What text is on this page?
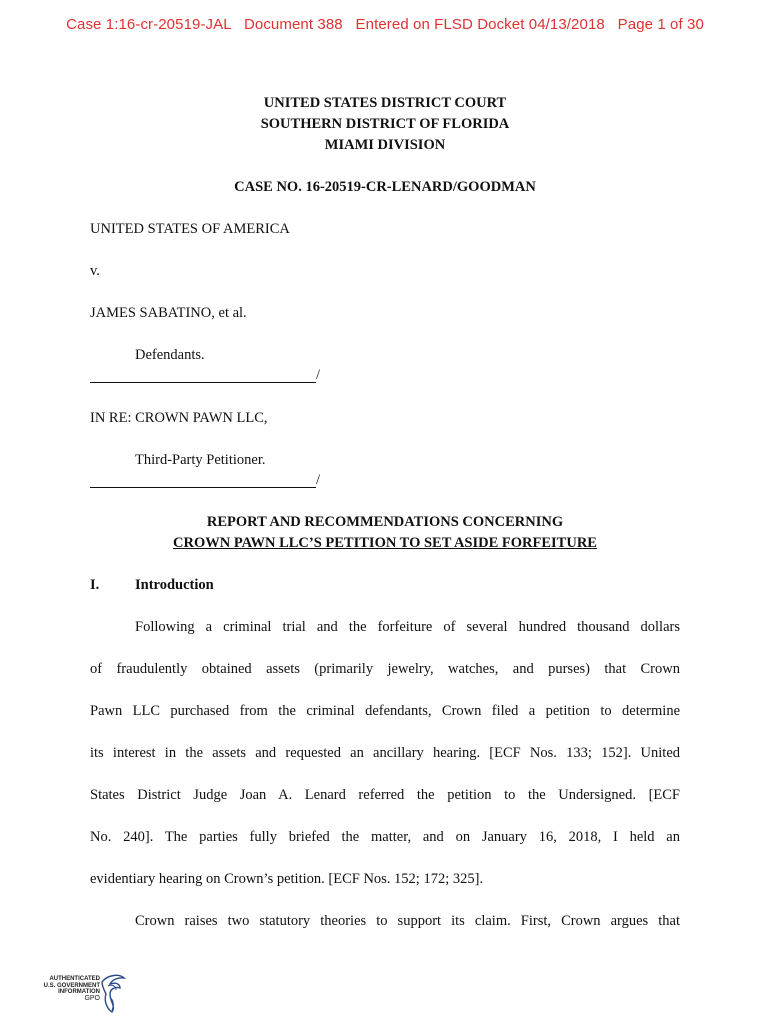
Case 1:16-cr-20519-JAL Document 388 Entered on FLSD Docket 04/13/2018 Page 1 of 30

UNITED STATES DISTRICT COURT

SOUTHERN DISTRICT OF FLORIDA

MIAMI DIVISION

CASE NO. 16-20519-CR-LENARD/GOODMAN

UNITED STATES OF AMERICA

v.

JAMES SABATINO, et al.

Defendants.

/

IN RE: CROWN PAWN LLC,

Third-Party Petitioner.

/

REPORT AND RECOMMENDATIONS CONCERNING

CROWN PAWN LLC’S PETITION TO SET ASIDE FORFEITURE

I. Introduction

Following a criminal trial and the forfeiture of several hundred thousand dollars

of fraudulently obtained assets (primarily jewelry, watches, and purses) that Crown

Pawn LLC purchased from the criminal defendants, Crown filed a petition to determine

its interest in the assets and requested an ancillary hearing. [ECF Nos. 133; 152]. United

States District Judge Joan A. Lenard referred the petition to the Undersigned. [ECF

No. 240]. The parties fully briefed the matter, and on January 16, 2018, I held an

evidentiary hearing on Crown’s petition. [ECF Nos. 152; 172; 325].

Crown raises two statutory theories to support its claim. First, Crown argues that

AUTHENTICATED
U.S. GOVERNMENT
INFORMATION
GPO
